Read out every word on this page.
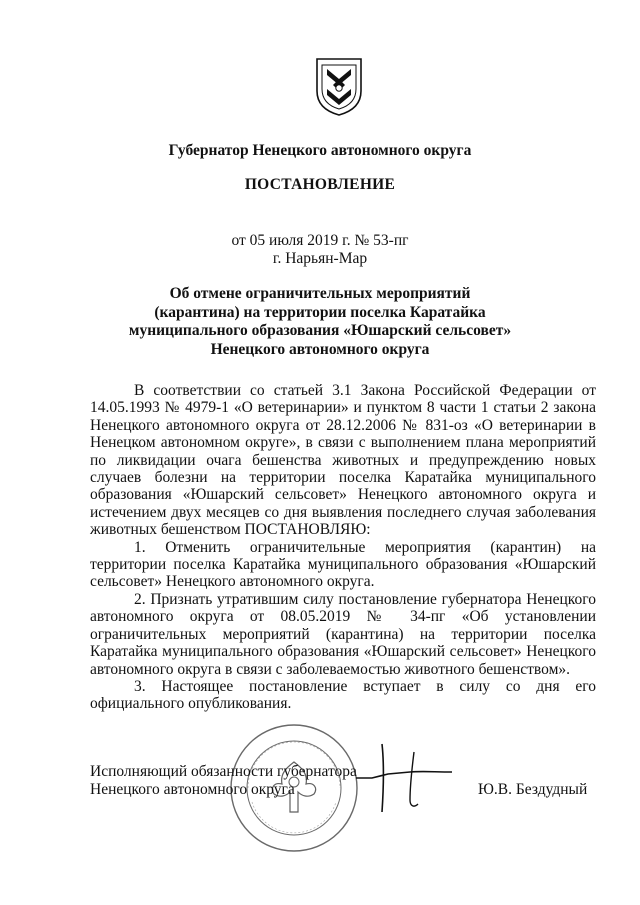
Губернатор Ненецкого автономного округа
ПОСТАНОВЛЕНИЕ
от 05 июля 2019 г. № 53-пг
г. Нарьян-Мар
Об отмене ограничительных мероприятий
(карантина) на территории поселка Каратайка
муниципального образования «Юшарский сельсовет»
Ненецкого автономного округа

В соответствии со статьей 3.1 Закона Российской Федерации от 14.05.1993 № 4979-1 «О ветеринарии» и пунктом 8 части 1 статьи 2 закона Ненецкого автономного округа от 28.12.2006 № 831-оз «О ветеринарии в Ненецком автономном округе», в связи с выполнением плана мероприятий по ликвидации очага бешенства животных и предупреждению новых случаев болезни на территории поселка Каратайка муниципального образования «Юшарский сельсовет» Ненецкого автономного округа и истечением двух месяцев со дня выявления последнего случая заболевания животных бешенством ПОСТАНОВЛЯЮ:

1. Отменить ограничительные мероприятия (карантин) на территории поселка Каратайка муниципального образования «Юшарский сельсовет» Ненецкого автономного округа.

2. Признать утратившим силу постановление губернатора Ненецкого автономного округа от 08.05.2019 № 34-пг «Об установлении ограничительных мероприятий (карантина) на территории поселка Каратайка муниципального образования «Юшарский сельсовет» Ненецкого автономного округа в связи с заболеваемостью животного бешенством».

3. Настоящее постановление вступает в силу со дня его официального опубликования.

Исполняющий обязанности губернатора
Ненецкого автономного округа	Ю.В. Бездудный
